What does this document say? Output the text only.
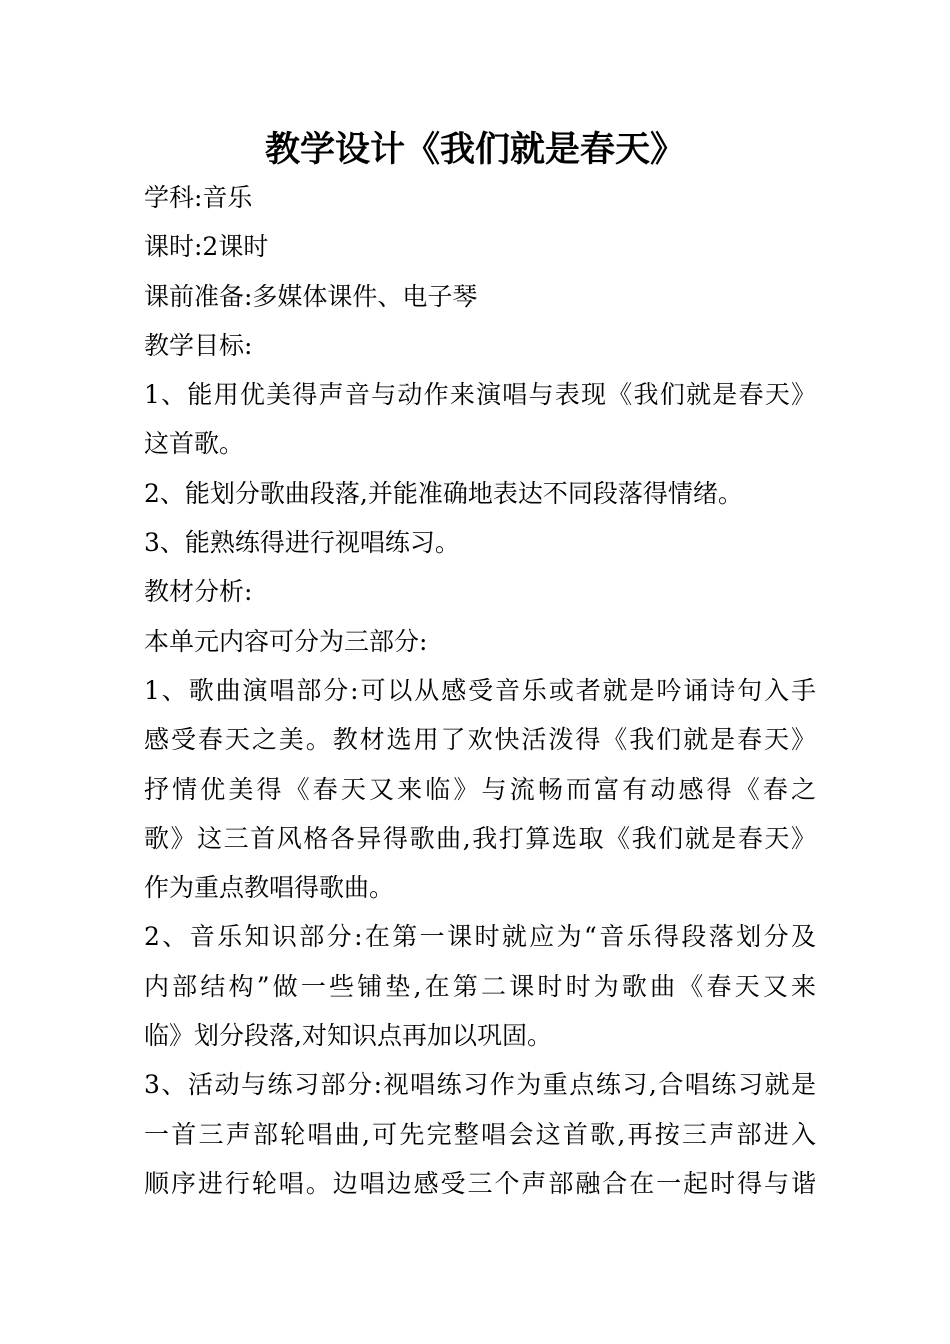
教学设计《我们就是春天》
学科:音乐
课时:2课时
课前准备:多媒体课件、电子琴
教学目标:
1、能用优美得声音与动作来演唱与表现《我们就是春天》
这首歌。
2、能划分歌曲段落,并能准确地表达不同段落得情绪。
3、能熟练得进行视唱练习。
教材分析:
本单元内容可分为三部分:
1、歌曲演唱部分:可以从感受音乐或者就是吟诵诗句入手
感受春天之美。教材选用了欢快活泼得《我们就是春天》
抒情优美得《春天又来临》与流畅而富有动感得《春之
歌》这三首风格各异得歌曲,我打算选取《我们就是春天》
作为重点教唱得歌曲。
2、音乐知识部分:在第一课时就应为“音乐得段落划分及
内部结构”做一些铺垫,在第二课时时为歌曲《春天又来
临》划分段落,对知识点再加以巩固。
3、活动与练习部分:视唱练习作为重点练习,合唱练习就是
一首三声部轮唱曲,可先完整唱会这首歌,再按三声部进入
顺序进行轮唱。边唱边感受三个声部融合在一起时得与谐
